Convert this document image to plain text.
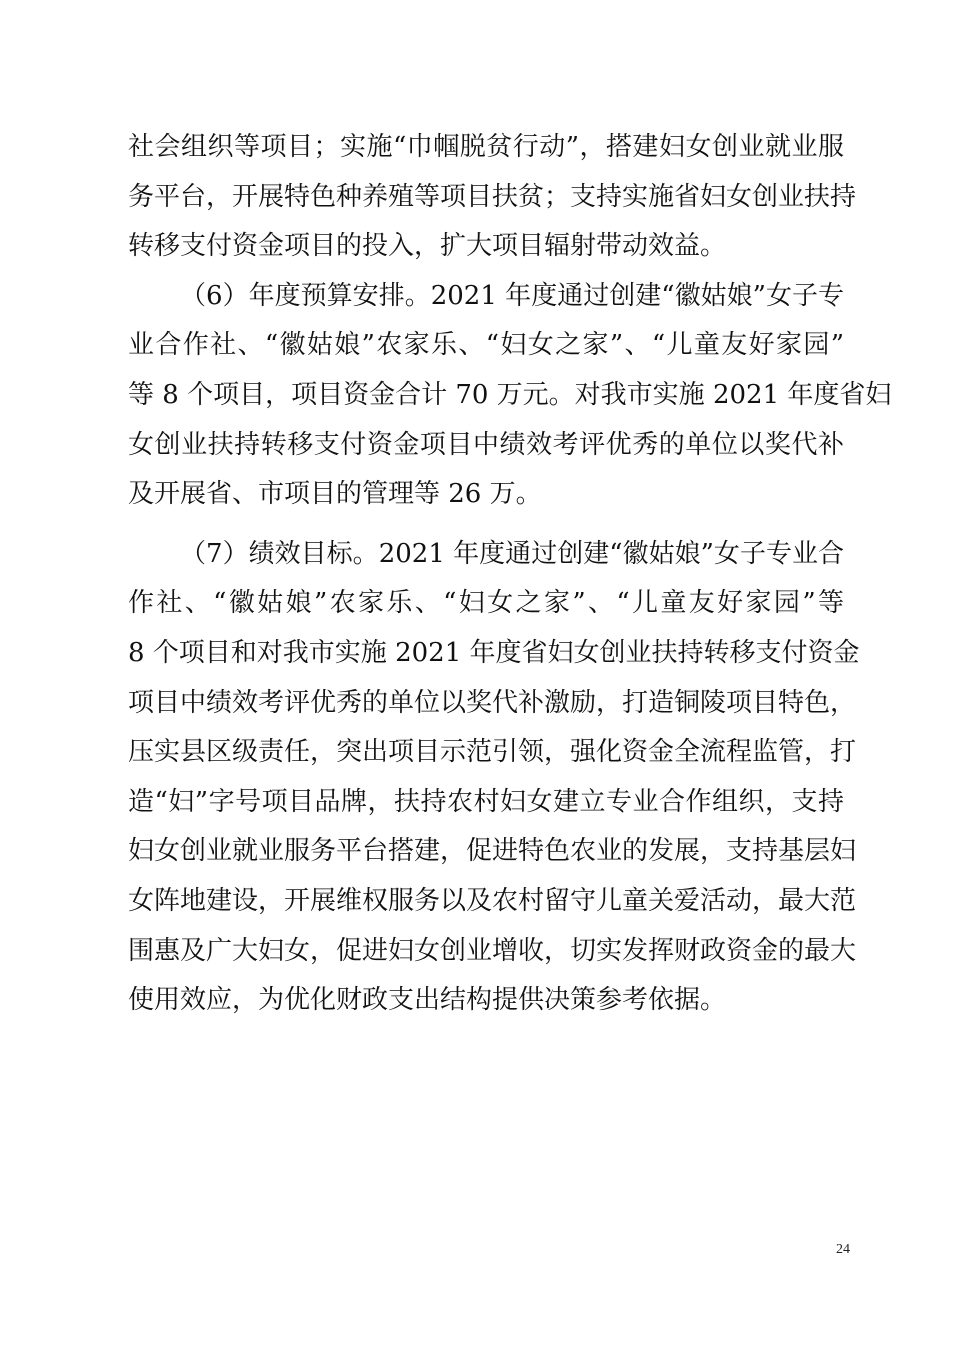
社会组织等项目；实施“巾帼脱贫行动”，搭建妇女创业就业服
务平台，开展特色种养殖等项目扶贫；支持实施省妇女创业扶持
转移支付资金项目的投入，扩大项目辐射带动效益。
（6）年度预算安排。2021 年度通过创建“徽姑娘”女子专
业合作社、“徽姑娘”农家乐、“妇女之家”、“儿童友好家园”
等 8 个项目，项目资金合计 70 万元。对我市实施 2021 年度省妇
女创业扶持转移支付资金项目中绩效考评优秀的单位以奖代补
及开展省、市项目的管理等 26 万。
（7）绩效目标。2021 年度通过创建“徽姑娘”女子专业合
作社、“徽姑娘”农家乐、“妇女之家”、“儿童友好家园”等
8 个项目和对我市实施 2021 年度省妇女创业扶持转移支付资金
项目中绩效考评优秀的单位以奖代补激励，打造铜陵项目特色，
压实县区级责任，突出项目示范引领，强化资金全流程监管，打
造“妇”字号项目品牌，扶持农村妇女建立专业合作组织，支持
妇女创业就业服务平台搭建，促进特色农业的发展，支持基层妇
女阵地建设，开展维权服务以及农村留守儿童关爱活动，最大范
围惠及广大妇女，促进妇女创业增收，切实发挥财政资金的最大
使用效应，为优化财政支出结构提供决策参考依据。
24
